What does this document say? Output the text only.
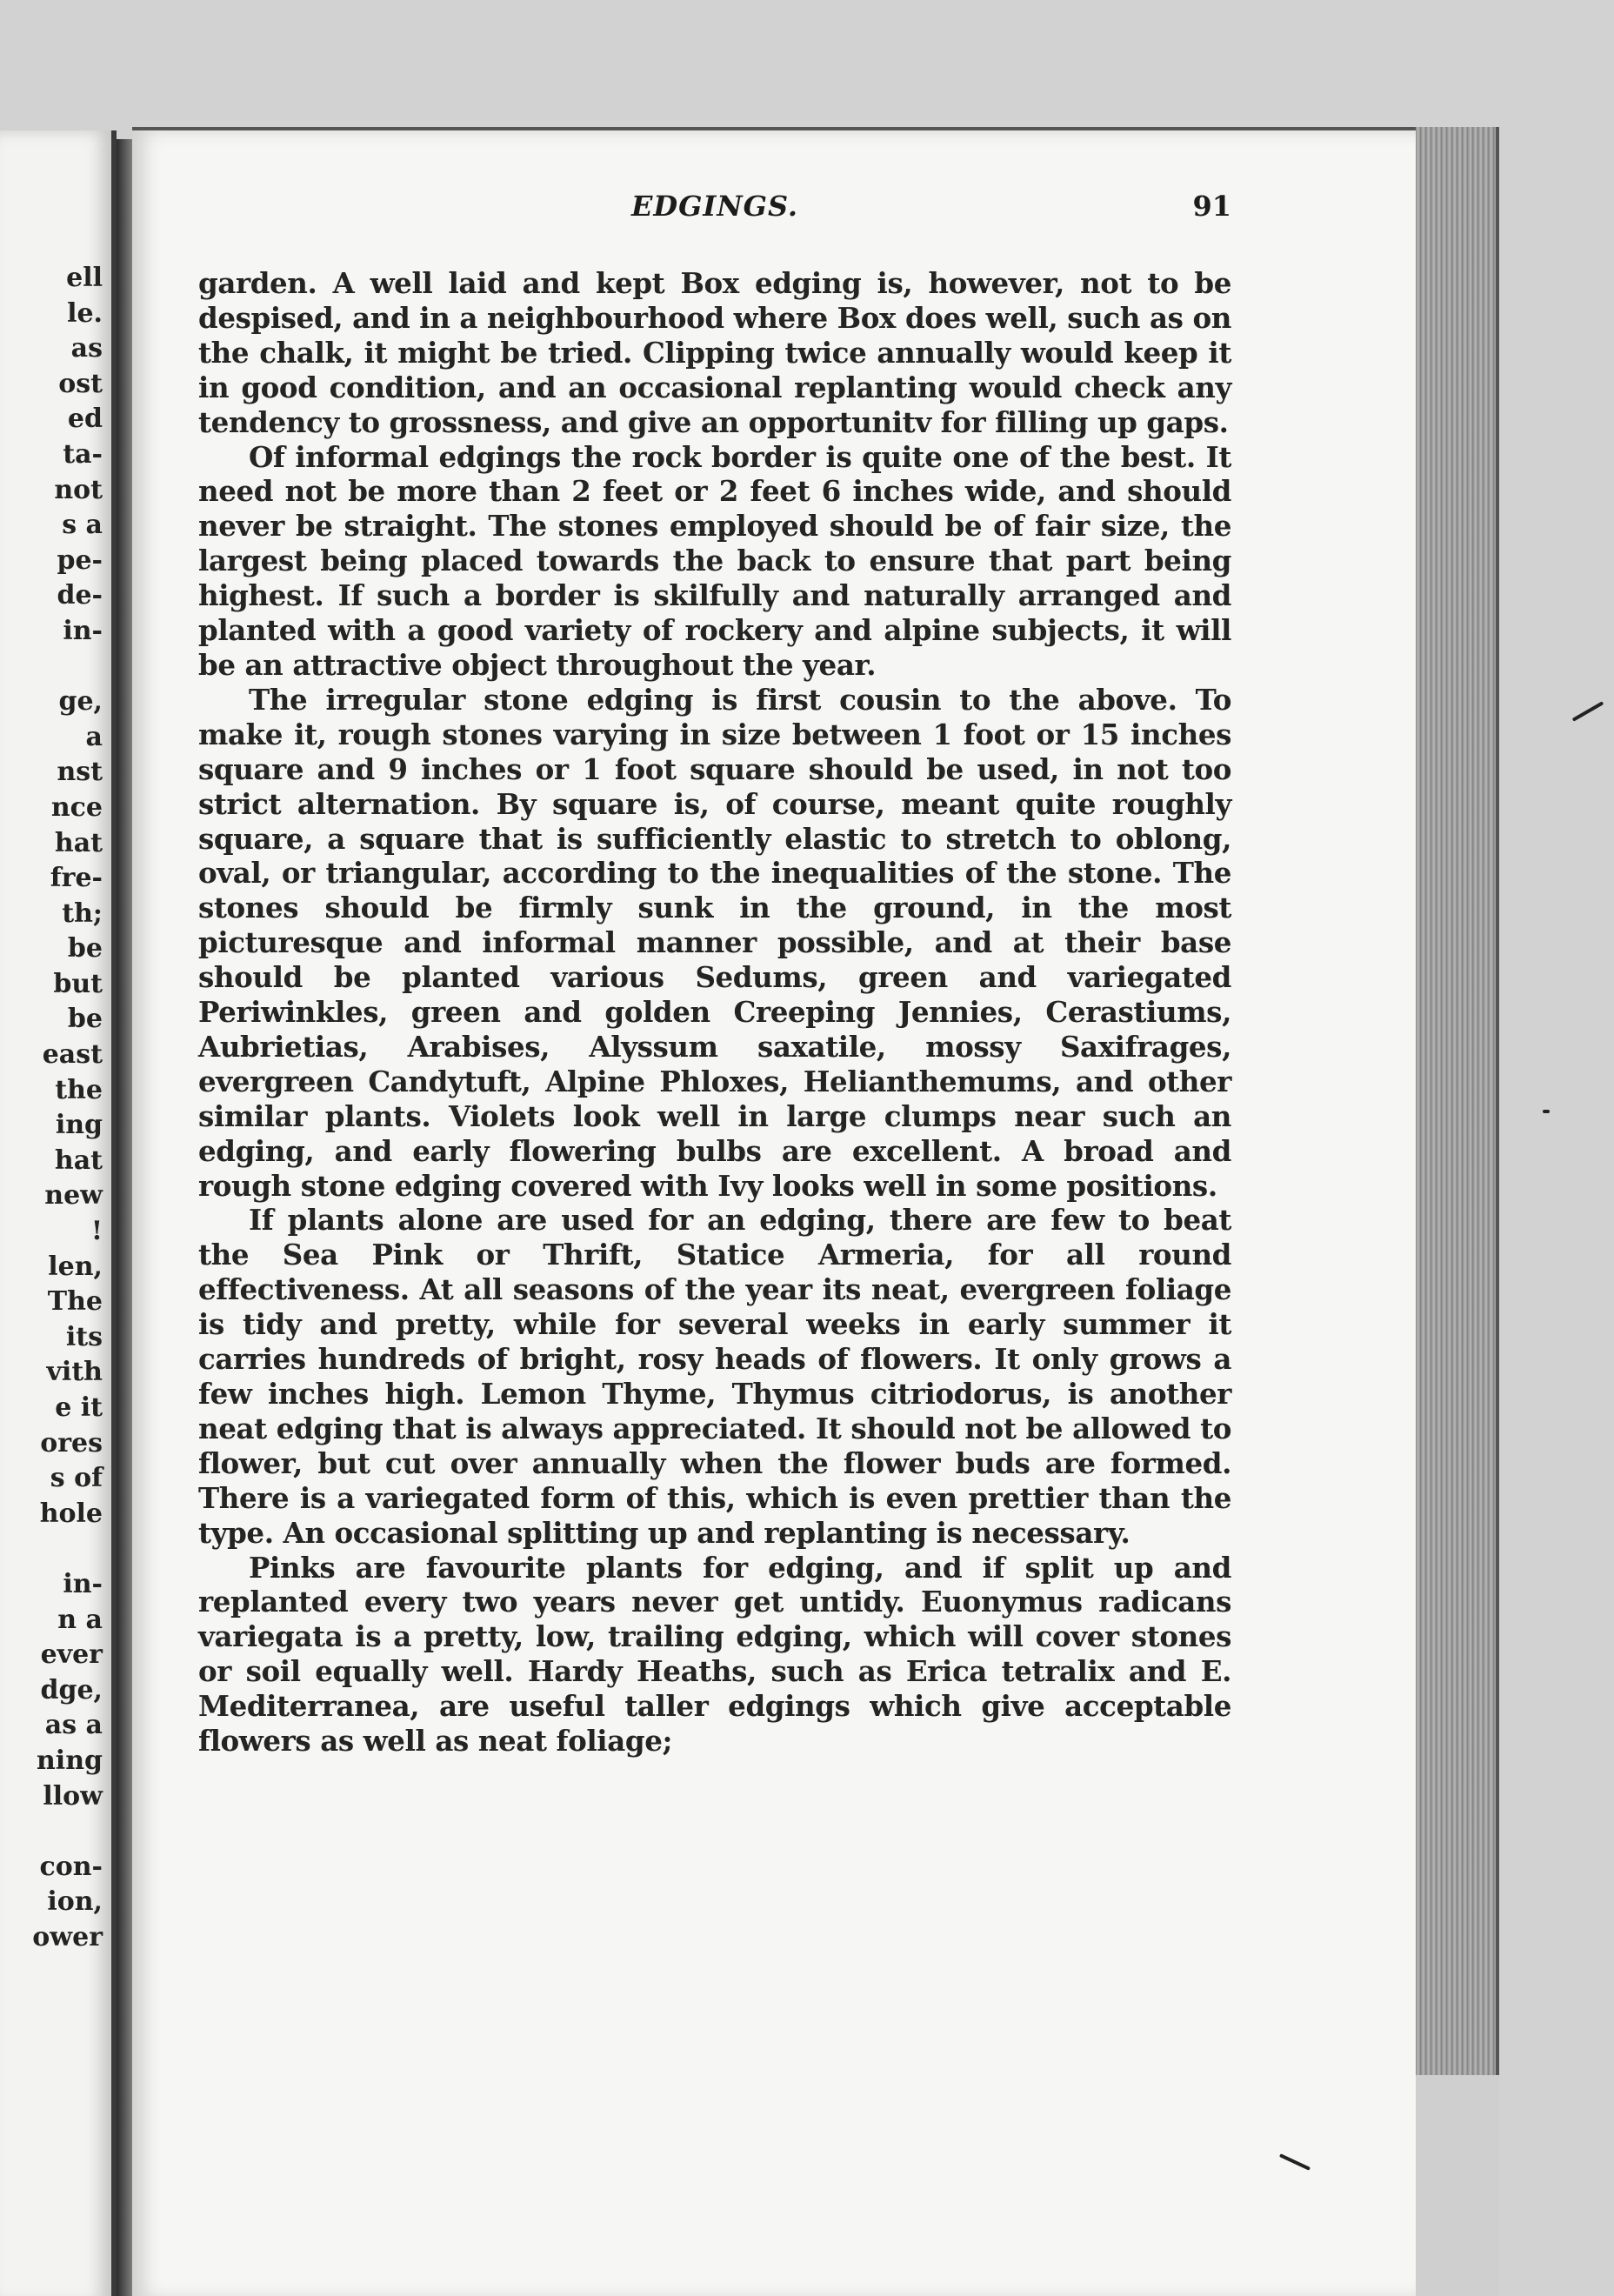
ell
le.
as
ost
ed
ta-
not
s a
pe-
de-
in-
ge,
a
nst
nce
hat
fre-
th;
be
but
be
east
the
ing
hat
new
!
len,
The
its
vith
e it
ores
s of
hole
in-
n a
ever
dge,
as a
ning
llow
con-
ion,
ower
EDGINGS.	91

garden. A well laid and kept Box edging is, however, not to be despised, and in a neighbourhood where Box does well, such as on the chalk, it might be tried. Clipping twice annually would keep it in good condition, and an occasional replanting would check any tendency to grossness, and give an opportunitv for filling up gaps.

Of informal edgings the rock border is quite one of the best. It need not be more than 2 feet or 2 feet 6 inches wide, and should never be straight. The stones employed should be of fair size, the largest being placed towards the back to ensure that part being highest. If such a border is skilfully and naturally arranged and planted with a good variety of rockery and alpine subjects, it will be an attractive object throughout the year.

The irregular stone edging is first cousin to the above. To make it, rough stones varying in size between 1 foot or 15 inches square and 9 inches or 1 foot square should be used, in not too strict alternation. By square is, of course, meant quite roughly square, a square that is sufficiently elastic to stretch to oblong, oval, or triangular, according to the inequalities of the stone. The stones should be firmly sunk in the ground, in the most picturesque and informal manner possible, and at their base should be planted various Sedums, green and variegated Periwinkles, green and golden Creeping Jennies, Cerastiums, Aubrietias, Arabises, Alyssum saxatile, mossy Saxifrages, evergreen Candytuft, Alpine Phloxes, Helianthemums, and other similar plants. Violets look well in large clumps near such an edging, and early flowering bulbs are excellent. A broad and rough stone edging covered with Ivy looks well in some positions.

If plants alone are used for an edging, there are few to beat the Sea Pink or Thrift, Statice Armeria, for all round effectiveness. At all seasons of the year its neat, evergreen foliage is tidy and pretty, while for several weeks in early summer it carries hundreds of bright, rosy heads of flowers. It only grows a few inches high. Lemon Thyme, Thymus citriodorus, is another neat edging that is always appreciated. It should not be allowed to flower, but cut over annually when the flower buds are formed. There is a variegated form of this, which is even prettier than the type. An occasional splitting up and replanting is necessary.

Pinks are favourite plants for edging, and if split up and replanted every two years never get untidy. Euonymus radicans variegata is a pretty, low, trailing edging, which will cover stones or soil equally well. Hardy Heaths, such as Erica tetralix and E. Mediterranea, are useful taller edgings which give acceptable flowers as well as neat foliage;
